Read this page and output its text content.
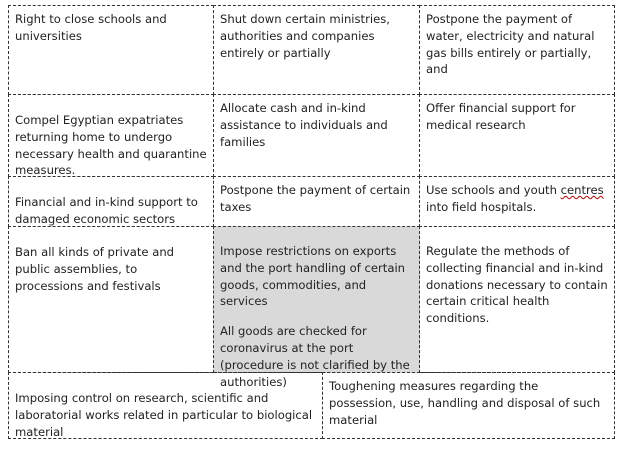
Right to close schools and universities
Shut down certain ministries, authorities and companies entirely or partially
Postpone the payment of water, electricity and natural gas bills entirely or partially, and
Compel Egyptian expatriates returning home to undergo necessary health and quarantine measures.
Allocate cash and in-kind assistance to individuals and families
Offer financial support for medical research
Financial and in-kind support to damaged economic sectors
Postpone the payment of certain taxes
Use schools and youth centres into field hospitals.
Ban all kinds of private and public assemblies, to processions and festivals
Impose restrictions on exports and the port handling of certain goods, commodities, and services
All goods are checked for coronavirus at the port (procedure is not clarified by the authorities)
Regulate the methods of collecting financial and in-kind donations necessary to contain certain critical health conditions.
Imposing control on research, scientific and laboratorial works related in particular to biological material
Toughening measures regarding the possession, use, handling and disposal of such material
